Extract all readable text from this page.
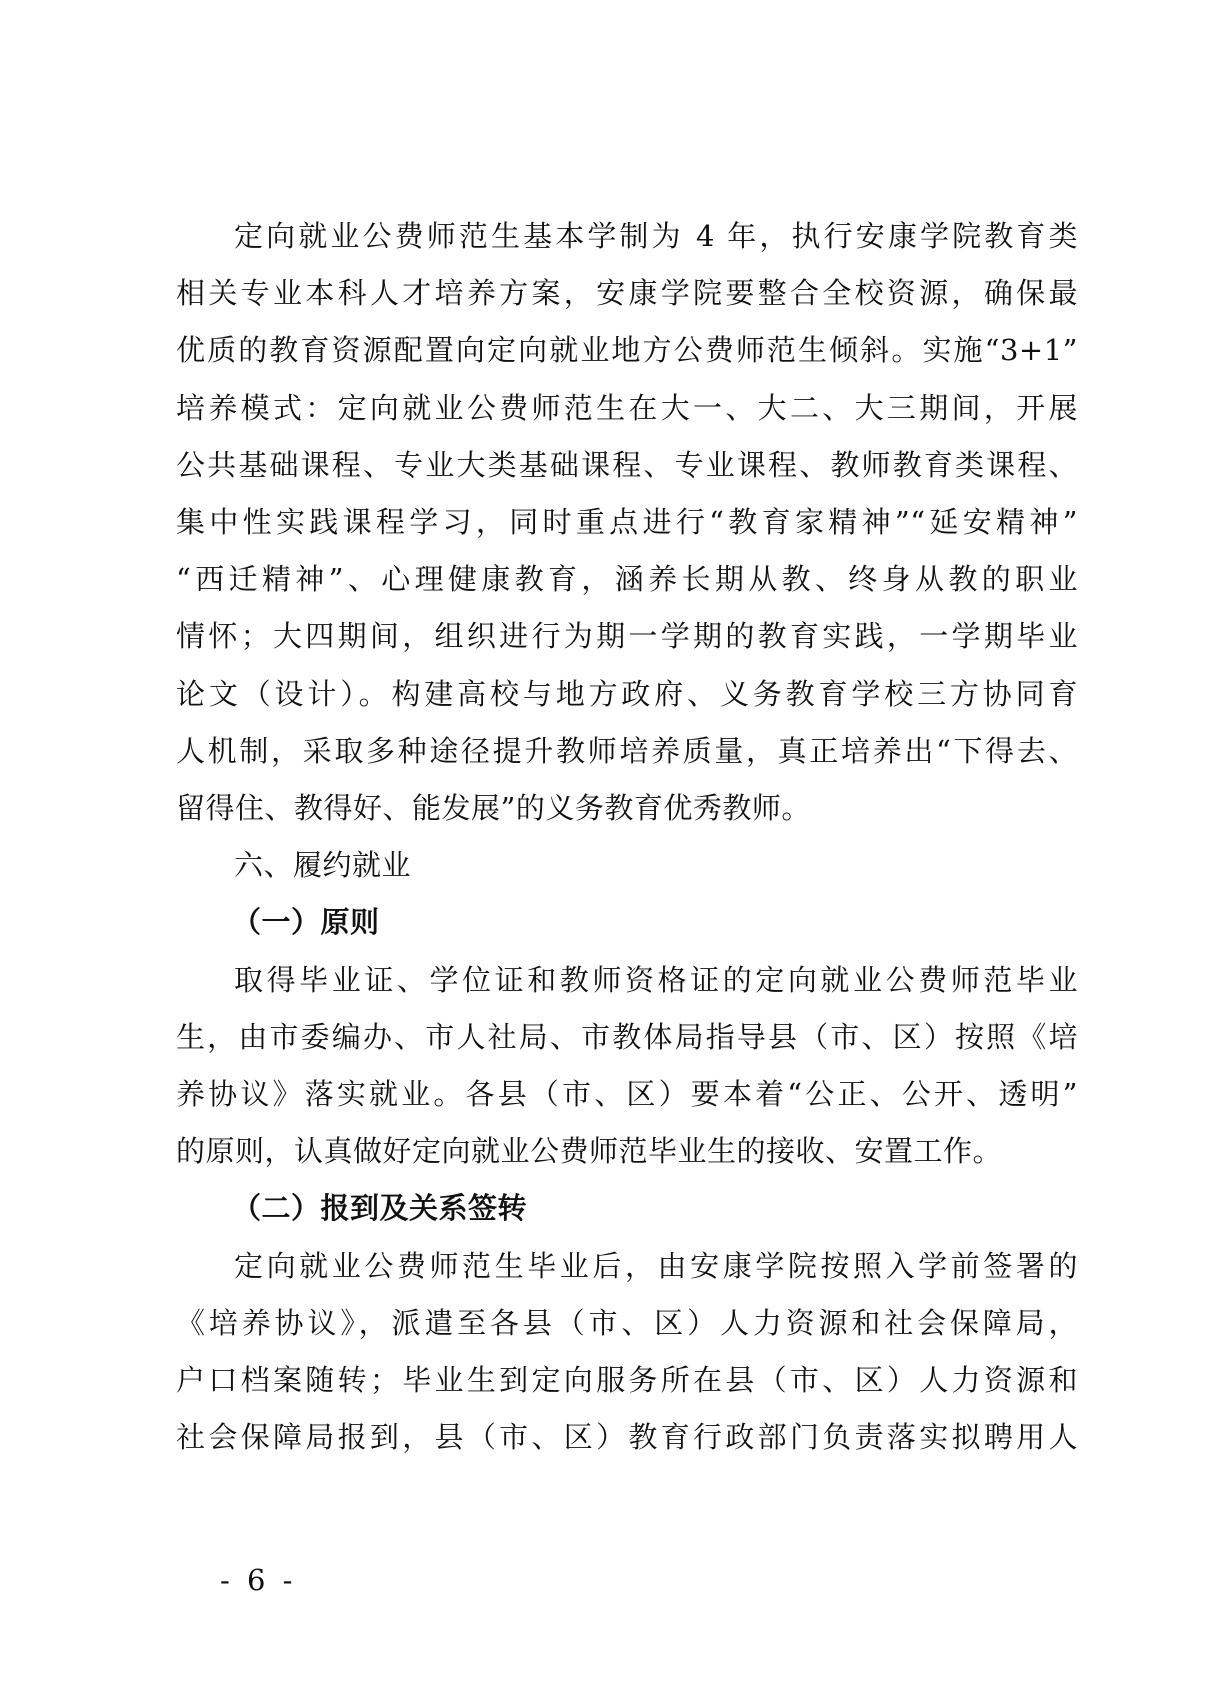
定向就业公费师范生基本学制为 4 年，执行安康学院教育类
相关专业本科人才培养方案，安康学院要整合全校资源，确保最
优质的教育资源配置向定向就业地方公费师范生倾斜。实施“3+1”
培养模式：定向就业公费师范生在大一、大二、大三期间，开展
公共基础课程、专业大类基础课程、专业课程、教师教育类课程、
集中性实践课程学习，同时重点进行“教育家精神”“延安精神”
“西迁精神”、心理健康教育，涵养长期从教、终身从教的职业
情怀；大四期间，组织进行为期一学期的教育实践，一学期毕业
论文（设计）。构建高校与地方政府、义务教育学校三方协同育
人机制，采取多种途径提升教师培养质量，真正培养出“下得去、
留得住、教得好、能发展”的义务教育优秀教师。

六、履约就业

（一）原则

取得毕业证、学位证和教师资格证的定向就业公费师范毕业
生，由市委编办、市人社局、市教体局指导县（市、区）按照《培
养协议》落实就业。各县（市、区）要本着“公正、公开、透明”
的原则，认真做好定向就业公费师范毕业生的接收、安置工作。

（二）报到及关系签转

定向就业公费师范生毕业后，由安康学院按照入学前签署的
《培养协议》，派遣至各县（市、区）人力资源和社会保障局，
户口档案随转；毕业生到定向服务所在县（市、区）人力资源和
社会保障局报到，县（市、区）教育行政部门负责落实拟聘用人

- 6 -
